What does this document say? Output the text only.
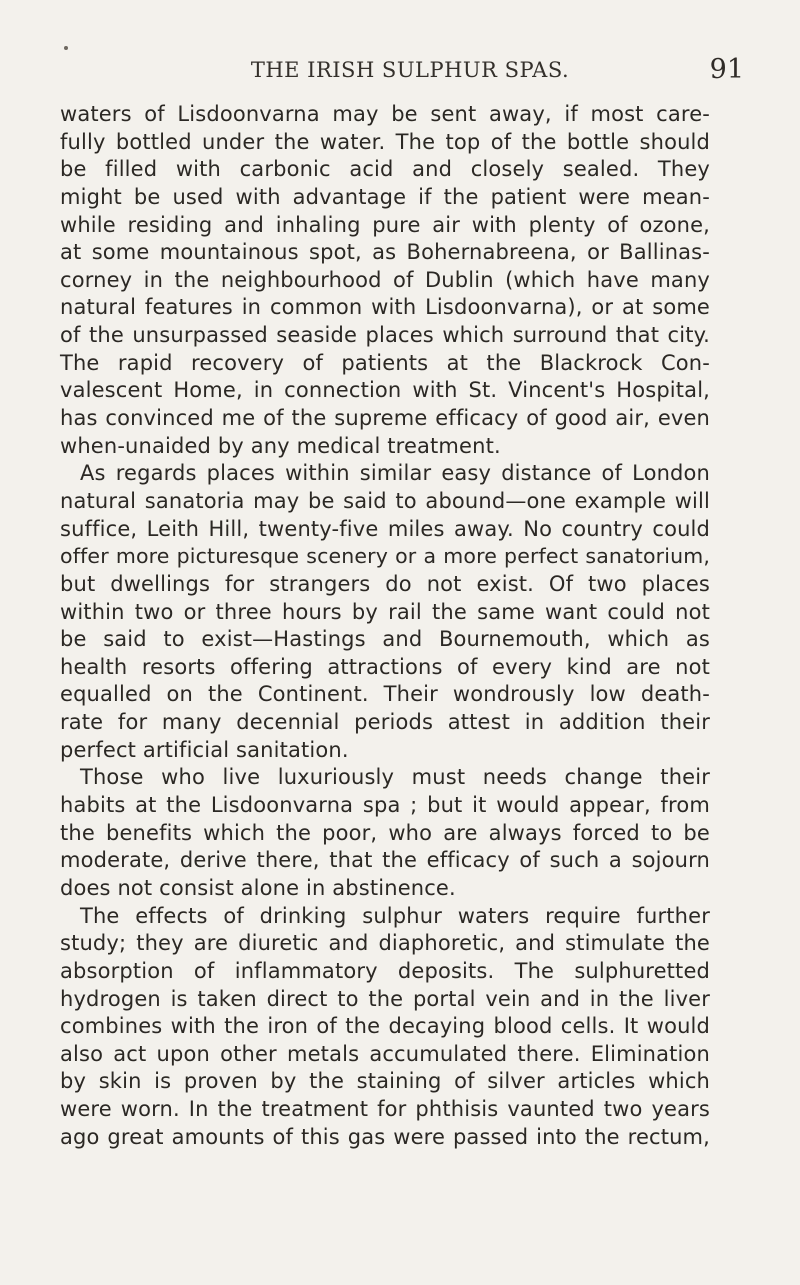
THE IRISH SULPHUR SPAS.	91
waters of Lisdoonvarna may be sent away, if most care-
fully bottled under the water. The top of the bottle should
be filled with carbonic acid and closely sealed. They
might be used with advantage if the patient were mean-
while residing and inhaling pure air with plenty of ozone,
at some mountainous spot, as Bohernabreena, or Ballinas-
corney in the neighbourhood of Dublin (which have many
natural features in common with Lisdoonvarna), or at some
of the unsurpassed seaside places which surround that city.
The rapid recovery of patients at the Blackrock Con-
valescent Home, in connection with St. Vincent's Hospital,
has convinced me of the supreme efficacy of good air, even
when-unaided by any medical treatment.
As regards places within similar easy distance of London
natural sanatoria may be said to abound—one example will
suffice, Leith Hill, twenty-five miles away. No country could
offer more picturesque scenery or a more perfect sanatorium,
but dwellings for strangers do not exist. Of two places
within two or three hours by rail the same want could not
be said to exist—Hastings and Bournemouth, which as
health resorts offering attractions of every kind are not
equalled on the Continent. Their wondrously low death-
rate for many decennial periods attest in addition their
perfect artificial sanitation.
Those who live luxuriously must needs change their
habits at the Lisdoonvarna spa ; but it would appear, from
the benefits which the poor, who are always forced to be
moderate, derive there, that the efficacy of such a sojourn
does not consist alone in abstinence.
The effects of drinking sulphur waters require further
study; they are diuretic and diaphoretic, and stimulate the
absorption of inflammatory deposits. The sulphuretted
hydrogen is taken direct to the portal vein and in the liver
combines with the iron of the decaying blood cells. It would
also act upon other metals accumulated there. Elimination
by skin is proven by the staining of silver articles which
were worn. In the treatment for phthisis vaunted two years
ago great amounts of this gas were passed into the rectum,
